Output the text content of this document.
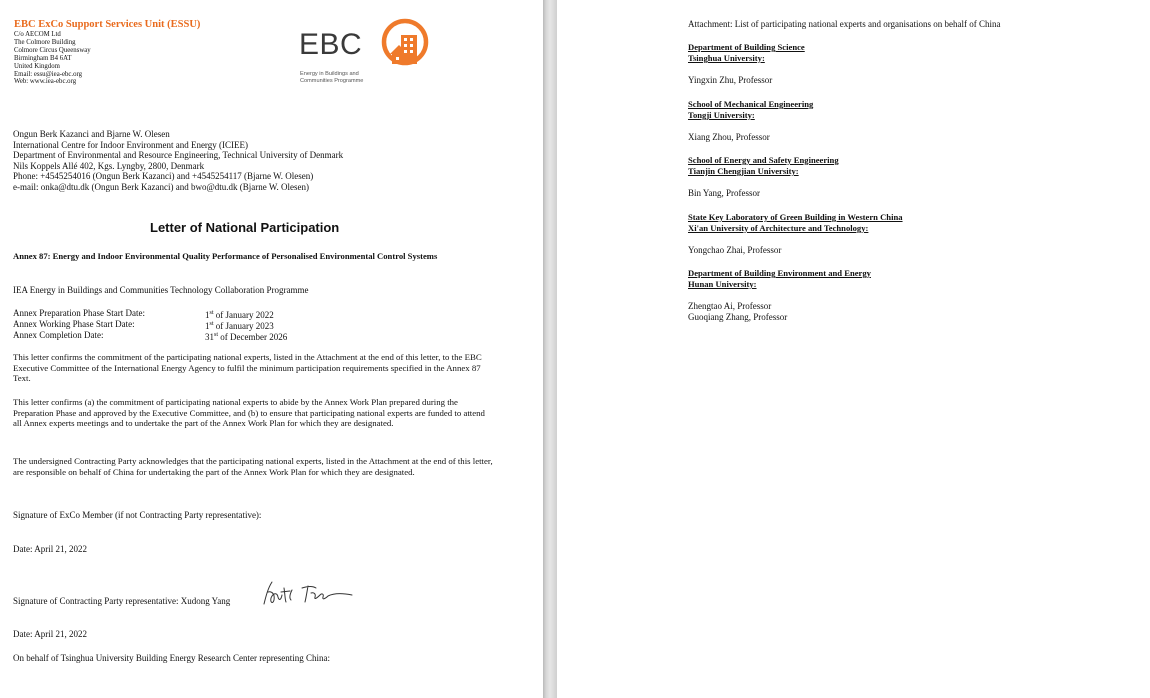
EBC ExCo Support Services Unit (ESSU)
C/o AECOM Ltd
The Colmore Building
Colmore Circus Queensway
Birmingham B4 6AT
United Kingdom
Email: essu@iea-ebc.org
Web: www.iea-ebc.org
EBC
Energy in Buildings and
Communities Programme
Ongun Berk Kazanci and Bjarne W. Olesen
International Centre for Indoor Environment and Energy (ICIEE)
Department of Environmental and Resource Engineering, Technical University of Denmark
Nils Koppels Allé 402, Kgs. Lyngby, 2800, Denmark
Phone: +4545254016 (Ongun Berk Kazanci) and +4545254117 (Bjarne W. Olesen)
e-mail: onka@dtu.dk (Ongun Berk Kazanci) and bwo@dtu.dk (Bjarne W. Olesen)
Letter of National Participation
Annex 87: Energy and Indoor Environmental Quality Performance of Personalised Environmental Control Systems
IEA Energy in Buildings and Communities Technology Collaboration Programme
Annex Preparation Phase Start Date:	1st of January 2022
Annex Working Phase Start Date:	1st of January 2023
Annex Completion Date:	31st of December 2026
This letter confirms the commitment of the participating national experts, listed in the Attachment at the end of this letter, to the EBC Executive Committee of the International Energy Agency to fulfil the minimum participation requirements specified in the Annex 87 Text.
This letter confirms (a) the commitment of participating national experts to abide by the Annex Work Plan prepared during the Preparation Phase and approved by the Executive Committee, and (b) to ensure that participating national experts are funded to attend all Annex experts meetings and to undertake the part of the Annex Work Plan for which they are designated.
The undersigned Contracting Party acknowledges that the participating national experts, listed in the Attachment at the end of this letter, are responsible on behalf of China for undertaking the part of the Annex Work Plan for which they are designated.
Signature of ExCo Member (if not Contracting Party representative):
Date: April 21, 2022
Signature of Contracting Party representative: Xudong Yang
Date: April 21, 2022
On behalf of Tsinghua University Building Energy Research Center representing China:
Attachment: List of participating national experts and organisations on behalf of China
Department of Building Science
Tsinghua University:
Yingxin Zhu, Professor
School of Mechanical Engineering
Tongji University:
Xiang Zhou, Professor
School of Energy and Safety Engineering
Tianjin Chengjian University:
Bin Yang, Professor
State Key Laboratory of Green Building in Western China
Xi'an University of Architecture and Technology:
Yongchao Zhai, Professor
Department of Building Environment and Energy
Hunan University:
Zhengtao Ai, Professor
Guoqiang Zhang, Professor
